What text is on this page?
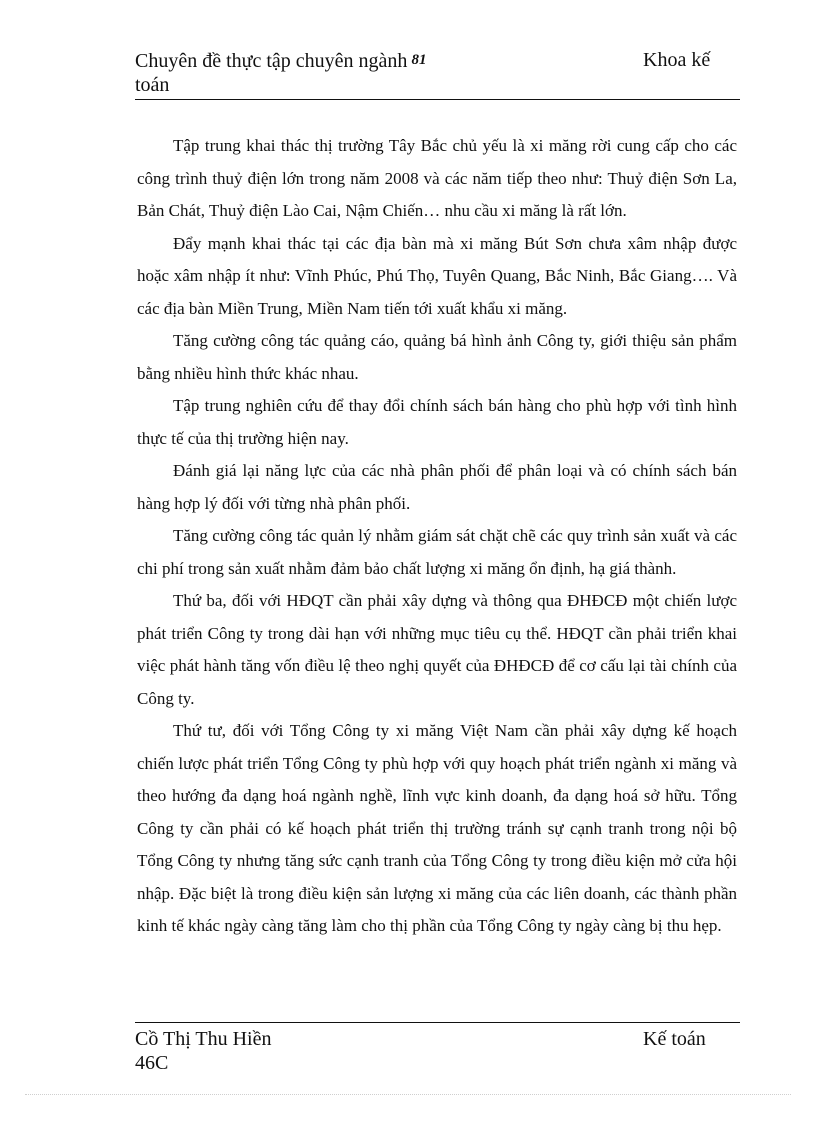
Chuyên đề thực tập chuyên ngành 81
toán
Khoa kế

Tập trung khai thác thị trường Tây Bắc chủ yếu là xi măng rời cung cấp cho các công trình thuỷ điện lớn trong năm 2008 và các năm tiếp theo như: Thuỷ điện Sơn La, Bản Chát, Thuỷ điện Lào Cai, Nậm Chiến… nhu cầu xi măng là rất lớn.

Đẩy mạnh khai thác tại các địa bàn mà xi măng Bút Sơn chưa xâm nhập được hoặc xâm nhập ít như: Vĩnh Phúc, Phú Thọ, Tuyên Quang, Bắc Ninh, Bắc Giang…. Và các địa bàn Miền Trung, Miền Nam tiến tới xuất khẩu xi măng.

Tăng cường công tác quảng cáo, quảng bá hình ảnh Công ty, giới thiệu sản phẩm bằng nhiều hình thức khác nhau.

Tập trung nghiên cứu để thay đổi chính sách bán hàng cho phù hợp với tình hình thực tế của thị trường hiện nay.

Đánh giá lại năng lực của các nhà phân phối để phân loại và có chính sách bán hàng hợp lý đối với từng nhà phân phối.

Tăng cường công tác quản lý nhằm giám sát chặt chẽ các quy trình sản xuất và các chi phí trong sản xuất nhằm đảm bảo chất lượng xi măng ổn định, hạ giá thành.

Thứ ba, đối với HĐQT cần phải xây dựng và thông qua ĐHĐCĐ một chiến lược phát triển Công ty trong dài hạn với những mục tiêu cụ thể. HĐQT cần phải triển khai việc phát hành tăng vốn điều lệ theo nghị quyết của ĐHĐCĐ để cơ cấu lại tài chính của Công ty.

Thứ tư, đối với Tổng Công ty xi măng Việt Nam cần phải xây dựng kế hoạch chiến lược phát triển Tổng Công ty phù hợp với quy hoạch phát triển ngành xi măng và theo hướng đa dạng hoá ngành nghề, lĩnh vực kinh doanh, đa dạng hoá sở hữu. Tổng Công ty cần phải có kế hoạch phát triển thị trường tránh sự cạnh tranh trong nội bộ Tổng Công ty nhưng tăng sức cạnh tranh của Tổng Công ty trong điều kiện mở cửa hội nhập. Đặc biệt là trong điều kiện sản lượng xi măng của các liên doanh, các thành phần kinh tế khác ngày càng tăng làm cho thị phần của Tổng Công ty ngày càng bị thu hẹp.

Cồ Thị Thu Hiền
46C
Kế toán
